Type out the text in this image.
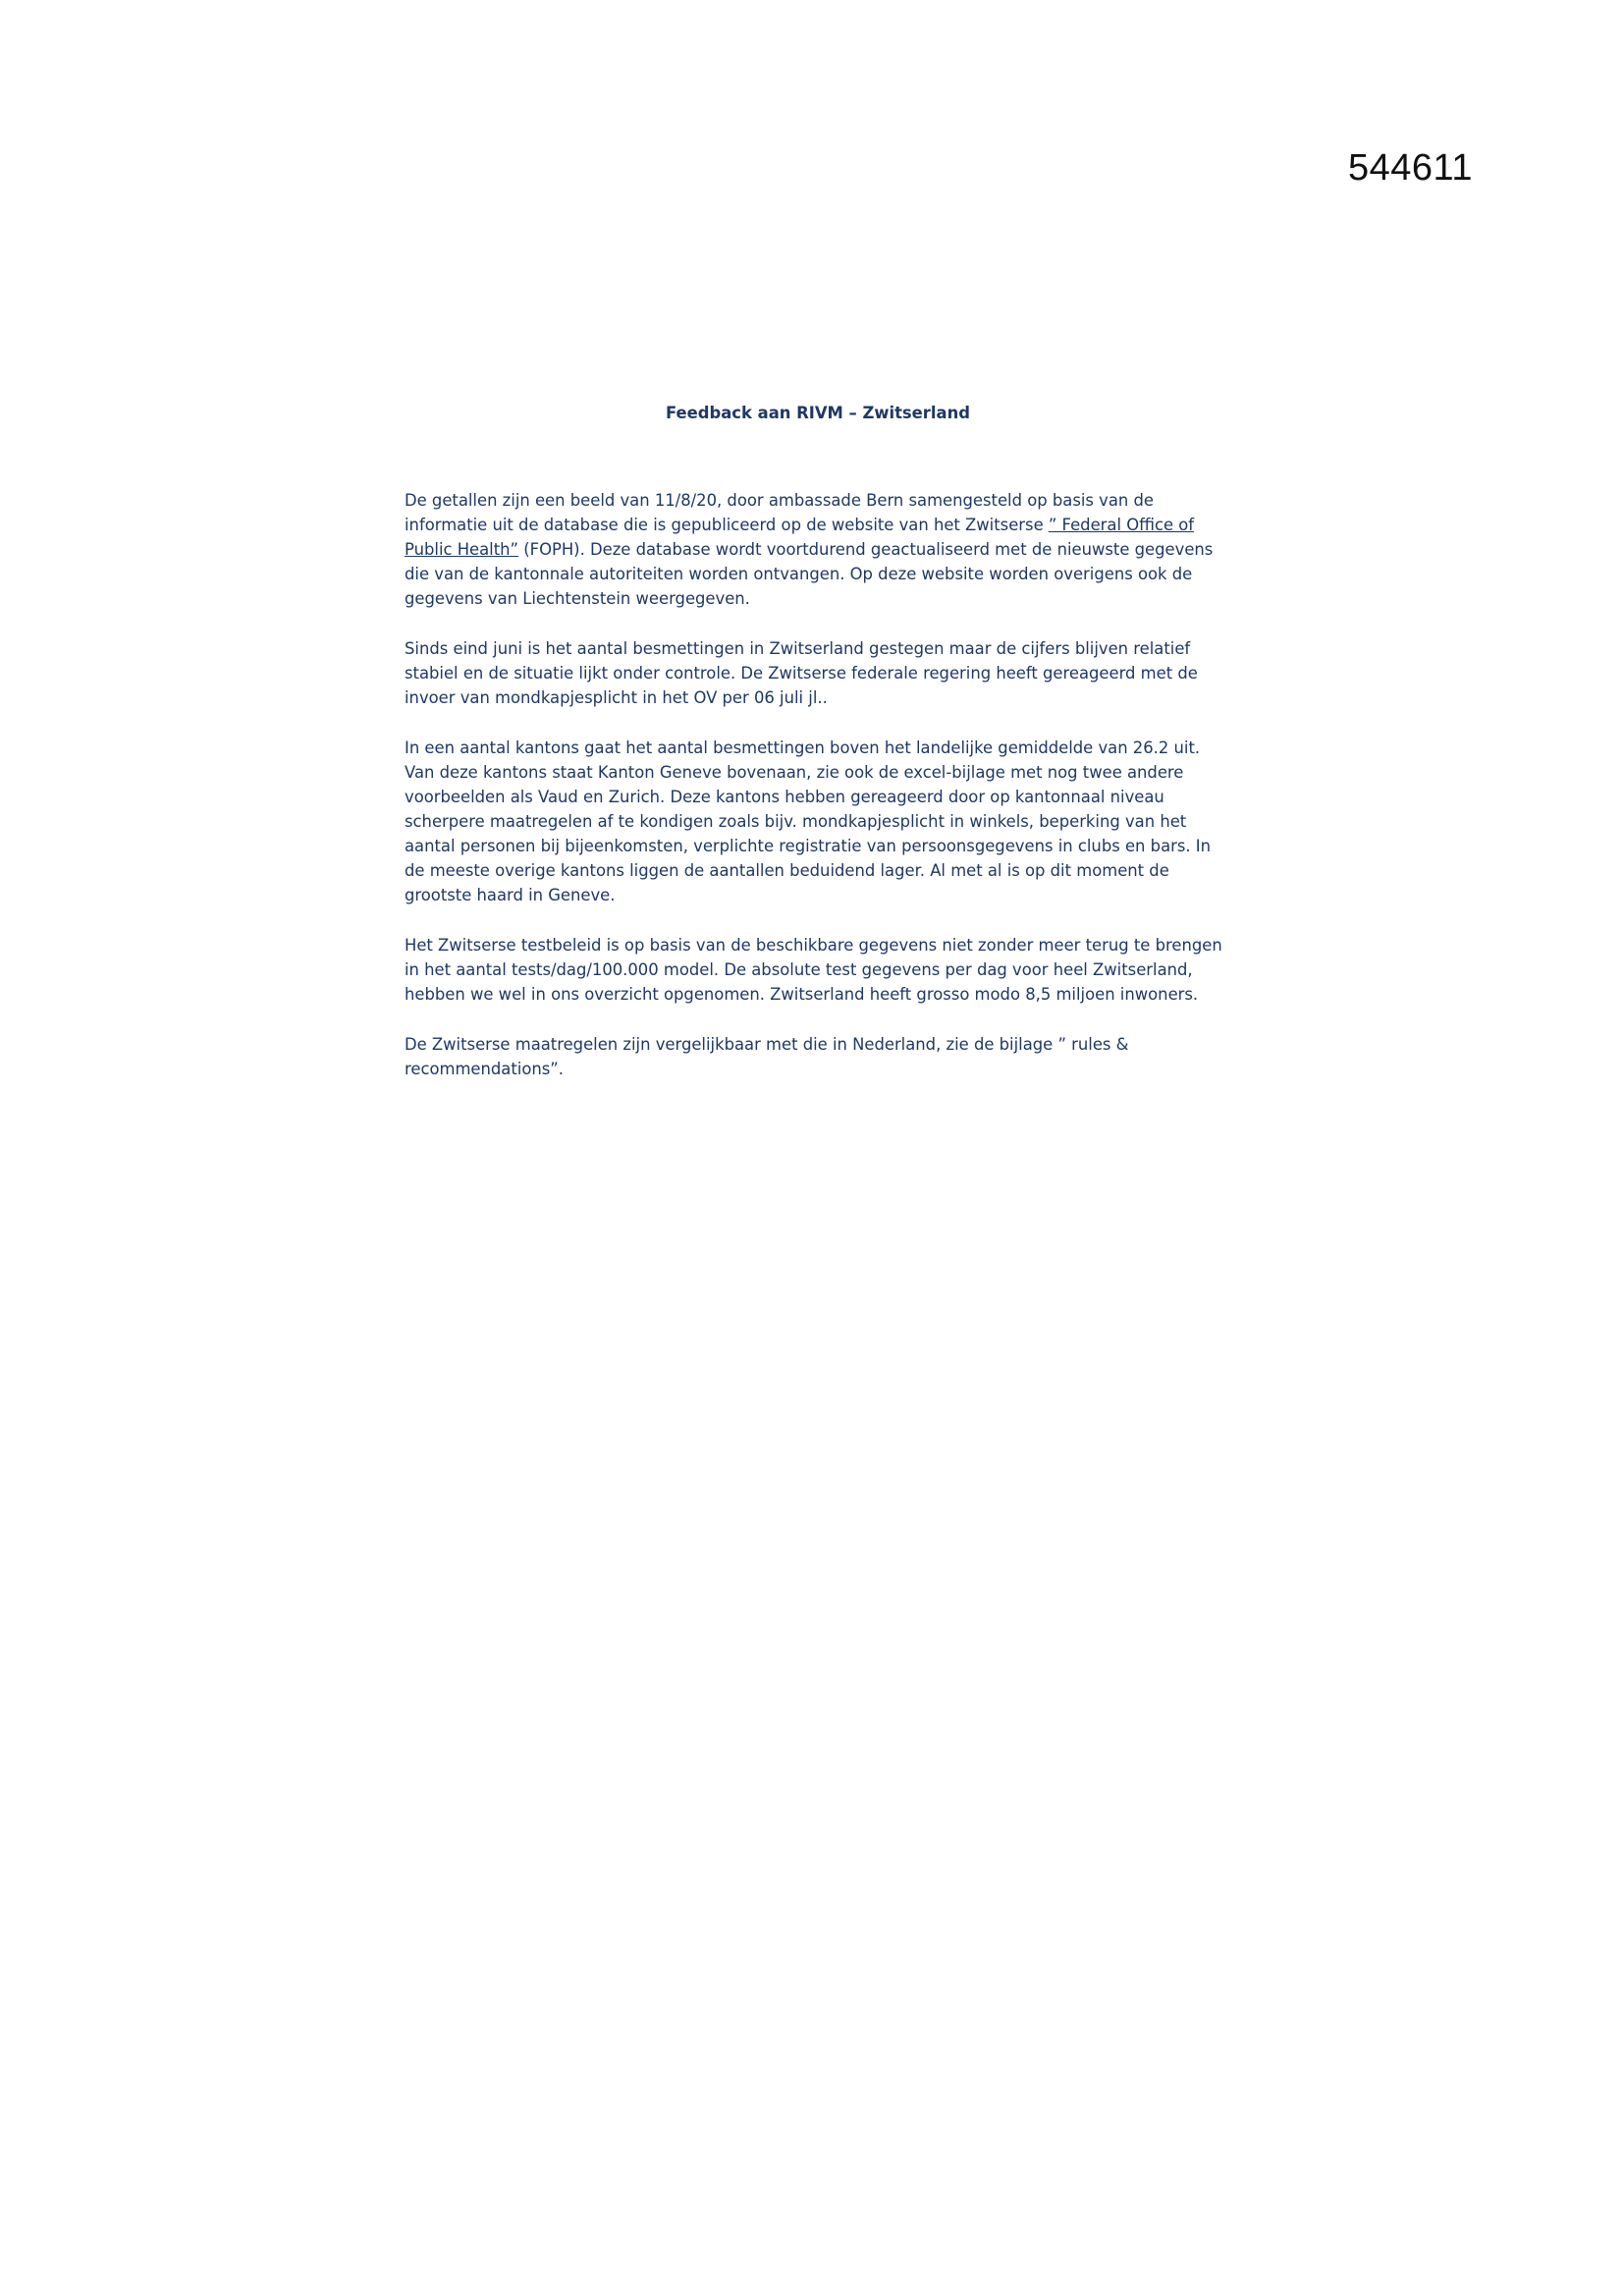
544611
Feedback aan RIVM – Zwitserland

De getallen zijn een beeld van 11/8/20, door ambassade Bern samengesteld op basis van de informatie uit de database die is gepubliceerd op de website van het Zwitserse ” Federal Office of Public Health” (FOPH). Deze database wordt voortdurend geactualiseerd met de nieuwste gegevens die van de kantonnale autoriteiten worden ontvangen. Op deze website worden overigens ook de gegevens van Liechtenstein weergegeven.

Sinds eind juni is het aantal besmettingen in Zwitserland gestegen maar de cijfers blijven relatief stabiel en de situatie lijkt onder controle. De Zwitserse federale regering heeft gereageerd met de invoer van mondkapjesplicht in het OV per 06 juli jl..

In een aantal kantons gaat het aantal besmettingen boven het landelijke gemiddelde van 26.2 uit. Van deze kantons staat Kanton Geneve bovenaan, zie ook de excel-bijlage met nog twee andere voorbeelden als Vaud en Zurich. Deze kantons hebben gereageerd door op kantonnaal niveau scherpere maatregelen af te kondigen zoals bijv. mondkapjesplicht in winkels, beperking van het aantal personen bij bijeenkomsten, verplichte registratie van persoonsgegevens in clubs en bars. In de meeste overige kantons liggen de aantallen beduidend lager. Al met al is op dit moment de grootste haard in Geneve.

Het Zwitserse testbeleid is op basis van de beschikbare gegevens niet zonder meer terug te brengen in het aantal tests/dag/100.000 model. De absolute test gegevens per dag voor heel Zwitserland, hebben we wel in ons overzicht opgenomen. Zwitserland heeft grosso modo 8,5 miljoen inwoners.

De Zwitserse maatregelen zijn vergelijkbaar met die in Nederland, zie de bijlage ” rules & recommendations”.
